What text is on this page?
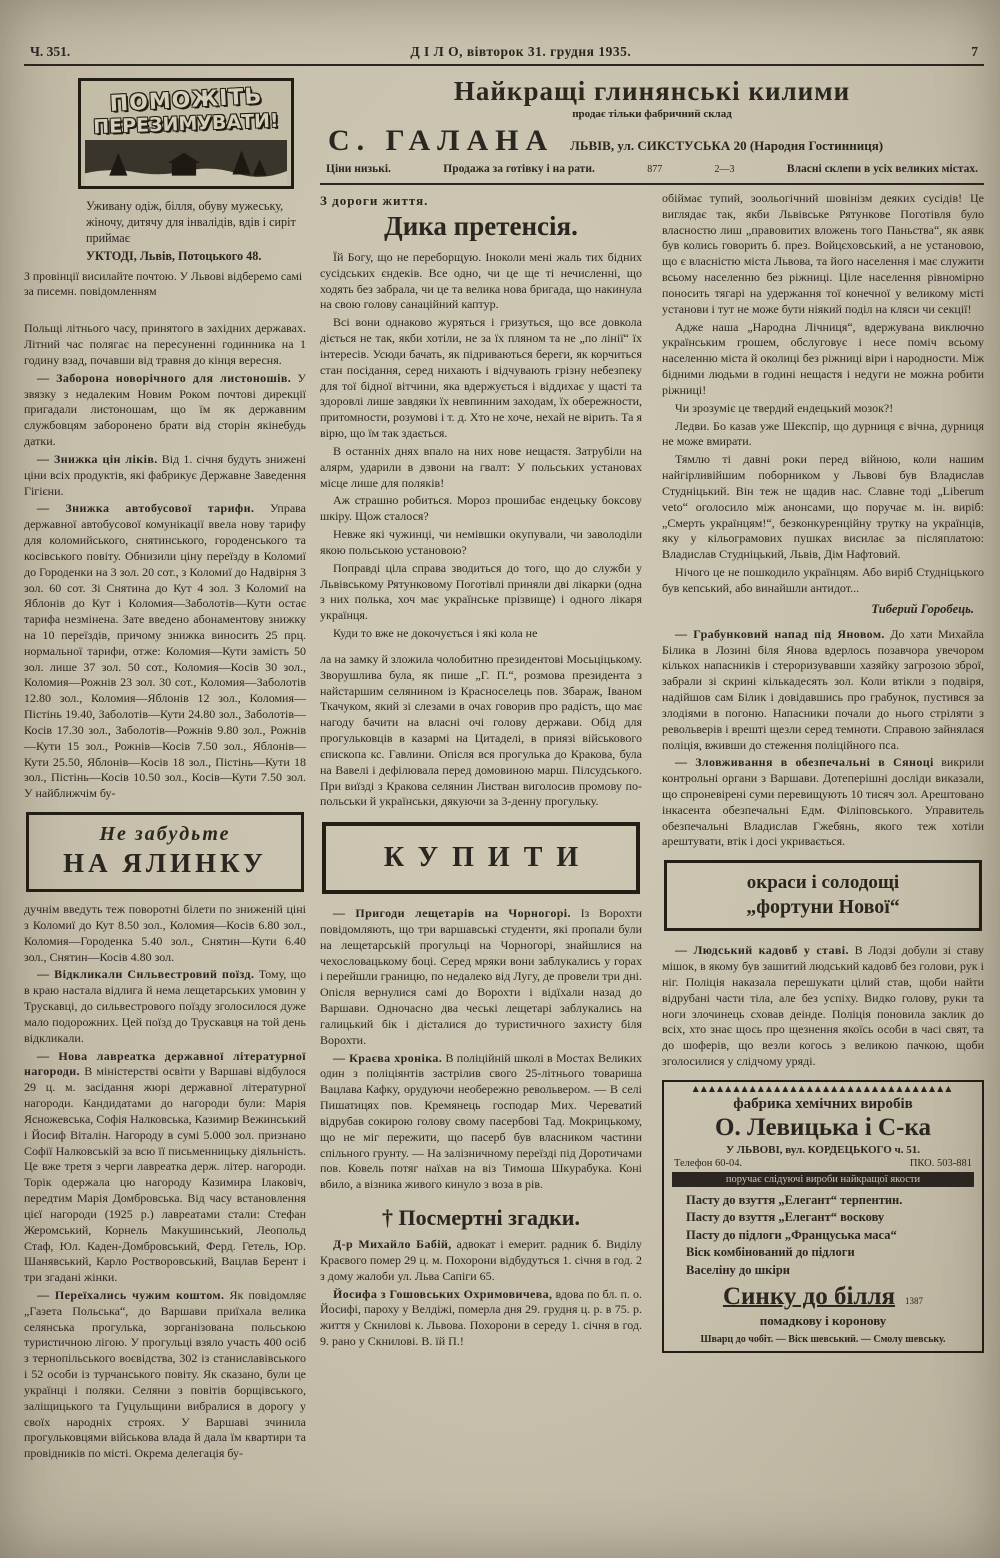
Ч. 351.	Д І Л О, вівторок 31. грудня 1935.	7
ПОМОЖІТЬ
ПЕРЕЗИМУВАТИ!

Уживану одіж, білля, обуву мужеську, жіночу, дитячу для інвалідів, вдів і сиріт приймає

УКТОДІ, Львів, Потоцького 48.

З провінції висилайте почтою. У Львові відберемо самі за писемн. повідомленням

Польщі літнього часу, принятого в західних державах. Літний час полягає на пересуненні годинника на 1 годину взад, почавши від травня до кінця вересня.

— Заборона новорічного для листоношів. У звязку з недалеким Новим Роком почтові дирекції пригадали листоношам, що їм як державним службовцям заборонено брати від сторін якінебудь датки.

— Знижка цін ліків. Від 1. січня будуть знижені ціни всіх продуктів, які фабрикує Державне Заведення Гігієни.

— Знижка автобусової тарифи. Управа державної автобусової комунікації ввела нову тарифу для коломийського, снятинського, городенського та косівського повіту. Обнизили ціну переїзду в Коломиї до Городенки на 3 зол. 20 сот., з Коломиї до Надвірня 3 зол. 60 сот. Зі Снятина до Кут 4 зол. З Коломиї на Яблонів до Кут і Коломия—Заболотів—Кути остає тарифа незмінена. Зате введено абонаментову знижку на 10 переїздів, причому знижка виносить 25 прц. нормальної тарифи, отже: Коломия—Кути замість 50 зол. лише 37 зол. 50 сот., Коломия—Косів 30 зол., Коломия—Рожнів 23 зол. 30 сот., Коломия—Заболотів 12.80 зол., Коломия—Яблонів 12 зол., Коломия—Пістінь 19.40, Заболотів—Кути 24.80 зол., Заболотів—Косів 17.30 зол., Заболотів—Рожнів 9.80 зол., Рожнів—Кути 15 зол., Рожнів—Косів 7.50 зол., Яблонів—Кути 25.50, Яблонів—Косів 18 зол., Пістінь—Кути 18 зол., Пістінь—Косів 10.50 зол., Косів—Кути 7.50 зол. У найближчім бу-

Не забудьте
НА ЯЛИНКУ

дучнім введуть теж поворотні білети по зниженій ціні з Коломиї до Кут 8.50 зол., Коломия—Косів 6.80 зол., Коломия—Городенка 5.40 зол., Снятин—Кути 6.40 зол., Снятин—Косів 4.80 зол.

— Відкликали Сильвестровий поїзд. Тому, що в краю настала відлига й нема лещетарських умовин у Трускавці, до сильвестрового поїзду зголосилося дуже мало подорожних. Цей поїзд до Трускавця на той день відкликали.

— Нова лавреатка державної літературної нагороди. В міністерстві освіти у Варшаві відбулося 29 ц. м. засідання жюрі державної літературної нагороди. Кандидатами до нагороди були: Марія Ясножевська, Софія Налковська, Казимир Вежинський і Йосиф Віталін. Нагороду в сумі 5.000 зол. признано Софії Налковській за всю її письменницьку діяльність. Це вже третя з черги лавреатка держ. літер. нагороди. Торік одержала цю нагороду Казимира Ілаковіч, передтим Марія Домбровська. Від часу встановлення цієї нагороди (1925 р.) лавреатами стали: Стефан Жеромський, Корнель Макушинський, Леопольд Стаф, Юл. Каден-Домбровський, Ферд. Гетель, Юр. Шанявський, Карло Ростворовський, Вацлав Берент і три згадані жінки.

— Переїхались чужим коштом. Як повідомляє „Газета Польська“, до Варшави приїхала велика селянська прогулька, зорганізована польською туристичною лігою. У прогульці взяло участь 400 осіб з тернопільського воєвідства, 302 із станиславівського і 52 особи із турчанського повіту. Як сказано, були це українці і поляки. Селяни з повітів борщівського, заліщицького та Гуцульщини вибралися в дорогу у своїх народніх строях. У Варшаві зчинила прогульковцями військова влада й дала їм квартири та провідників по місті. Окрема делегація бу-

Найкращі глинянські килими
продає тільки фабричний склад
С. ГАЛАНА ЛЬВІВ, ул. СИКСТУСЬКА 20 (Народня Гостинниця)
Ціни низькі.	Продажа за готівку і на рати.	877	2—3	Власні склепи в усіх великих містах.
З дороги життя.
Дика претенсія.

Їй Богу, що не переборщую. Іноколи мені жаль тих бідних сусідських єндеків. Все одно, чи це ще ті нечисленні, що ходять без забрала, чи це та велика нова бригада, що накинула на свою голову санаційний каптур.

Всі вони однаково журяться і гризуться, що все довкола діється не так, якби хотіли, не за їх пляном та не „по лінії“ їх інтересів. Усюди бачать, як підриваються береги, як корчиться стан посідання, серед нихають і відчувають грізну небезпеку для тої бідної вітчини, яка вдержується і віддихає у щасті та здоровлі лише завдяки їх невпинним заходам, їх обережности, притомности, розумові і т. д. Хто не хоче, нехай не вірить. Та я вірю, що їм так здається.

В останніх днях впало на них нове нещастя. Затрубіли на алярм, ударили в дзвони на гвалт: У польських установах місце лише для поляків!

Аж страшно робиться. Мороз прошибає ендецьку боксову шкіру. Щож сталося?

Невже які чужинці, чи немівшки окупували, чи заволоділи якою польською установою?

Поправді ціла справа зводиться до того, що до служби у Львівському Рятунковому Поготівлі приняли дві лікарки (одна з них полька, хоч має українське прізвище) і одного лікаря українця.

Куди то вже не докочується і які кола не

ла на замку й зложила чолобитню президентові Мосьціцькому. Зворушлива була, як пише „Г. П.“, розмова президента з найстаршим селянином із Красноселець пов. Збараж, Іваном Ткачуком, який зі слезами в очах говорив про радість, що має нагоду бачити на власні очі голову держави. Обід для прогульковців в казармі на Цитаделі, в приязі військового єпископа кс. Гавлини. Опісля вся прогулька до Кракова, була на Вавелі і дефілювала перед домовиною марш. Пілсудського. При виїзді з Кракова селянин Листван виголосив промову по-польськи й українськи, дякуючи за 3-денну прогульку.

КУПИТИ

— Пригоди лещетарів на Чорногорі. Із Ворохти повідомляють, що три варшавські студенти, які пропали були на лещетарській прогульці на Чорногорі, знайшлися на чехословацькому боці. Серед мряки вони заблукались у горах і перейшли границю, по недалеко від Лугу, де провели три дні. Опісля вернулися самі до Ворохти і відїхали назад до Варшави. Одночасно два чеські лещетарі заблукались на галицький бік і дісталися до туристичного захисту біля Ворохти.

— Краєва хроніка. В поліційній школі в Мостах Великих один з поліціянтів застрілив свого 25-літнього товариша Вацлава Кафку, орудуючи необережно револьвером. — В селі Пишатицях пов. Кремянець господар Мих. Череватий відрубав сокирою голову свому пасербові Тад. Мокрицькому, що не міг пережити, що пасерб був власником частини спільного грунту. — На залізничному переїзді під Доротичами пов. Ковель потяг наїхав на віз Тимоша Шкурабука. Коні вбило, а візника живого кинуло з воза в рів.

† Посмертні згадки.

Д-р Михайло Бабій, адвокат і емерит. радник б. Виділу Краєвого помер 29 ц. м. Похорони відбудуться 1. січня в год. 2 з дому жалоби ул. Льва Сапіги 65.

Йосифа з Гошовських Охримовичева, вдова по бл. п. о. Йосифі, пароху у Велдіжі, померла дня 29. грудня ц. р. в 75. р. життя у Скнилові к. Львова. Похорони в середу 1. січня в год. 9. рано у Скнилові. В. їй П.!

обіймає тупий, зоольогічний шовінізм деяких сусідів! Це виглядає так, якби Львівське Рятункове Поготівля було власностю лиш „правовитих вложень того Паньства“, як аявк був колись говорить б. през. Войцєховський, а не установою, що є власністю міста Львова, та його населення і має служити всьому населенню без ріжниці. Ціле населення рівномірно поносить тягарі на удержання тої конечної у великому місті установи і тут не може бути ніякий поділ на кляси чи секції!

Адже наша „Народна Лічниця“, вдержувана виключно українським грошем, обслуговує і несе поміч всьому населенню міста й околиці без ріжниці віри і народности. Між бідними людьми в годині нещастя і недуги не можна робити ріжниці!

Чи зрозуміє це твердий ендецький мозок?!

Ледви. Бо казав уже Шекспір, що дурниця є вічна, дурниця не може вмирати.

Тямлю ті давні роки перед війною, коли нашим найгірливійшим поборником у Львові був Владислав Студніцький. Він теж не щадив нас. Славне тоді „Liberum veto“ оголосило між анонсами, що поручає м. ін. виріб: „Смерть українцям!“, безконкуренційну трутку на українців, яку у кільограмових пушках висилає за післяплатою: Владислав Студніцький, Львів, Дім Нафтовий.

Нічого це не пошкодило українцям. Або виріб Студніцького був кепський, або винайшли антидот...

Тиберий Горобець.

— Грабунковий напад під Яновом. До хати Михайла Білика в Лозині біля Янова вдерлось позавчора увечором кількох напасників і стероризувавши хазяйку загрозою зброї, забрали зі скрині кількадесять зол. Коли втікли з подвіря, надійшов сам Білик і довідавшись про грабунок, пустився за злодіями в погоню. Напасники почали до нього стріляти з револьверів і врешті щезли серед темноти. Справою зайнялася поліція, вживши до стеження поліційного пса.

— Зловживання в обезпечальні в Сяноці викрили контрольні органи з Варшави. Дотеперішні досліди виказали, що спроневірені суми перевищують 10 тисяч зол. Арештовано інкасента обезпечальні Едм. Філіповського. Управитель обезпечальні Владислав Гжебянь, якого теж хотіли арештувати, втік і досі укривається.

окраси і солодощі
„фортуни Нової“

— Людський кадовб у ставі. В Лодзі добули зі ставу мішок, в якому був зашитий людський кадовб без голови, рук і ніг. Поліція наказала перешукати цілий став, щоби найти відрубані части тіла, але без успіху. Видко голову, руки та ноги злочинець сховав деінде. Поліція поновила заклик до всіх, хто знає щось про щезнення якоїсь особи в часі свят, та до шоферів, що везли когось з великою пачкою, щоби зголосилися у слідчому уряді.

▲▲▲▲▲▲▲▲▲▲▲▲▲▲▲▲▲▲▲▲▲▲▲▲▲▲▲▲▲▲▲▲
фабрика хемічних виробів
О. Левицька і С-ка
У ЛЬВОВІ, вул. КОРДЕЦЬКОГО ч. 51.
Телефон 60-04.	ПКО. 503-881
поручає слідуючі вироби найкращої якости
Пасту до взуття „Елегант“ терпентин.
Пасту до взуття „Елегант“ воскову
Пасту до підлоги „Француська маса“
Віск комбінований до підлоги
Васеліну до шкіри
Синку до білля 1387
помадкову і коронову
Шварц до чобіт. — Віск шевський. — Смолу шевську.
